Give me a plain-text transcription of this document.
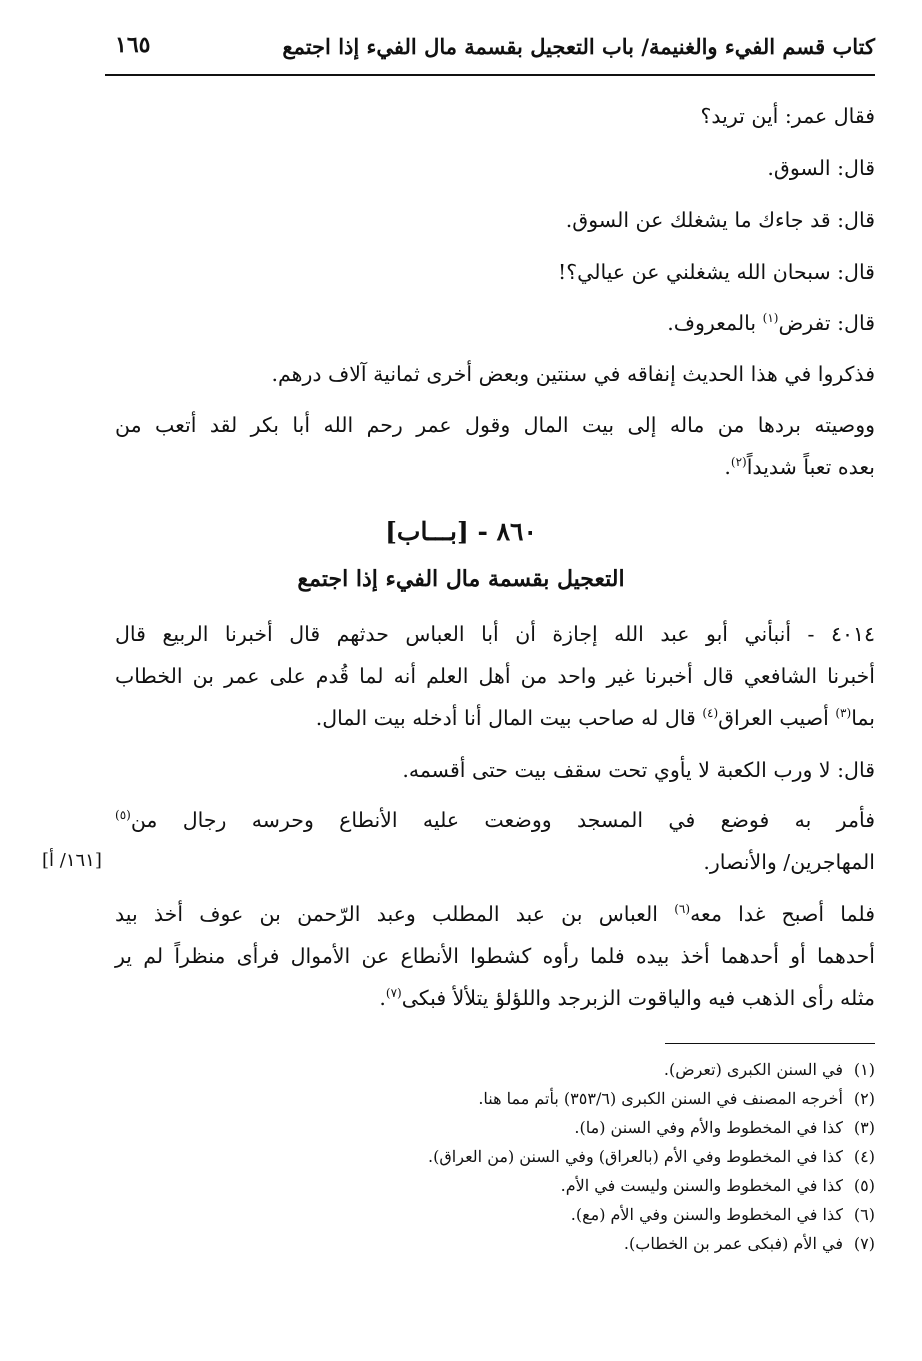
كتاب قسم الفيء والغنيمة/ باب التعجيل بقسمة مال الفيء إذا اجتمع
١٦٥
فقال عمر: أين تريد؟
قال: السوق.
قال: قد جاءك ما يشغلك عن السوق.
قال: سبحان الله يشغلني عن عيالي؟!
قال: تفرض$^{(١)}$ بالمعروف.
فذكروا في هذا الحديث إنفاقه في سنتين وبعض أخرى ثمانية آلاف درهم.
ووصيته بردها من ماله إلى بيت المال وقول عمر رحم الله أبا بكر لقد أتعب من
بعده تعباً شديداً$^{(٢)}$.
٨٦٠ - [بـــاب]
التعجيل بقسمة مال الفيء إذا اجتمع
٤٠١٤ - أنبأني أبو عبد الله إجازة أن أبا العباس حدثهم قال أخبرنا الربيع قال
أخبرنا الشافعي قال أخبرنا غير واحد من أهل العلم أنه لما قُدم على عمر بن الخطاب
بما$^{(٣)}$ أصيب العراق$^{(٤)}$ قال له صاحب بيت المال أنا أدخله بيت المال.
قال: لا ورب الكعبة لا يأوي تحت سقف بيت حتى أقسمه.
فأمر به فوضع في المسجد ووضعت عليه الأنطاع وحرسه رجال من$^{(٥)}$
المهاجرين/ والأنصار.
فلما أصبح غدا معه$^{(٦)}$ العباس بن عبد المطلب وعبد الرّحمن بن عوف أخذ بيد
أحدهما أو أحدهما أخذ بيده فلما رأوه كشطوا الأنطاع عن الأموال فرأى منظراً لم ير
مثله رأى الذهب فيه والياقوت الزبرجد واللؤلؤ يتلألأ فبكى$^{(٧)}$.
[١٦١/ أ]
(١)في السنن الكبرى (تعرض).
(٢)أخرجه المصنف في السنن الكبرى (٣٥٣/٦) بأتم مما هنا.
(٣)كذا في المخطوط والأم وفي السنن (ما).
(٤)كذا في المخطوط وفي الأم (بالعراق) وفي السنن (من العراق).
(٥)كذا في المخطوط والسنن وليست في الأم.
(٦)كذا في المخطوط والسنن وفي الأم (مع).
(٧)في الأم (فبكى عمر بن الخطاب).
